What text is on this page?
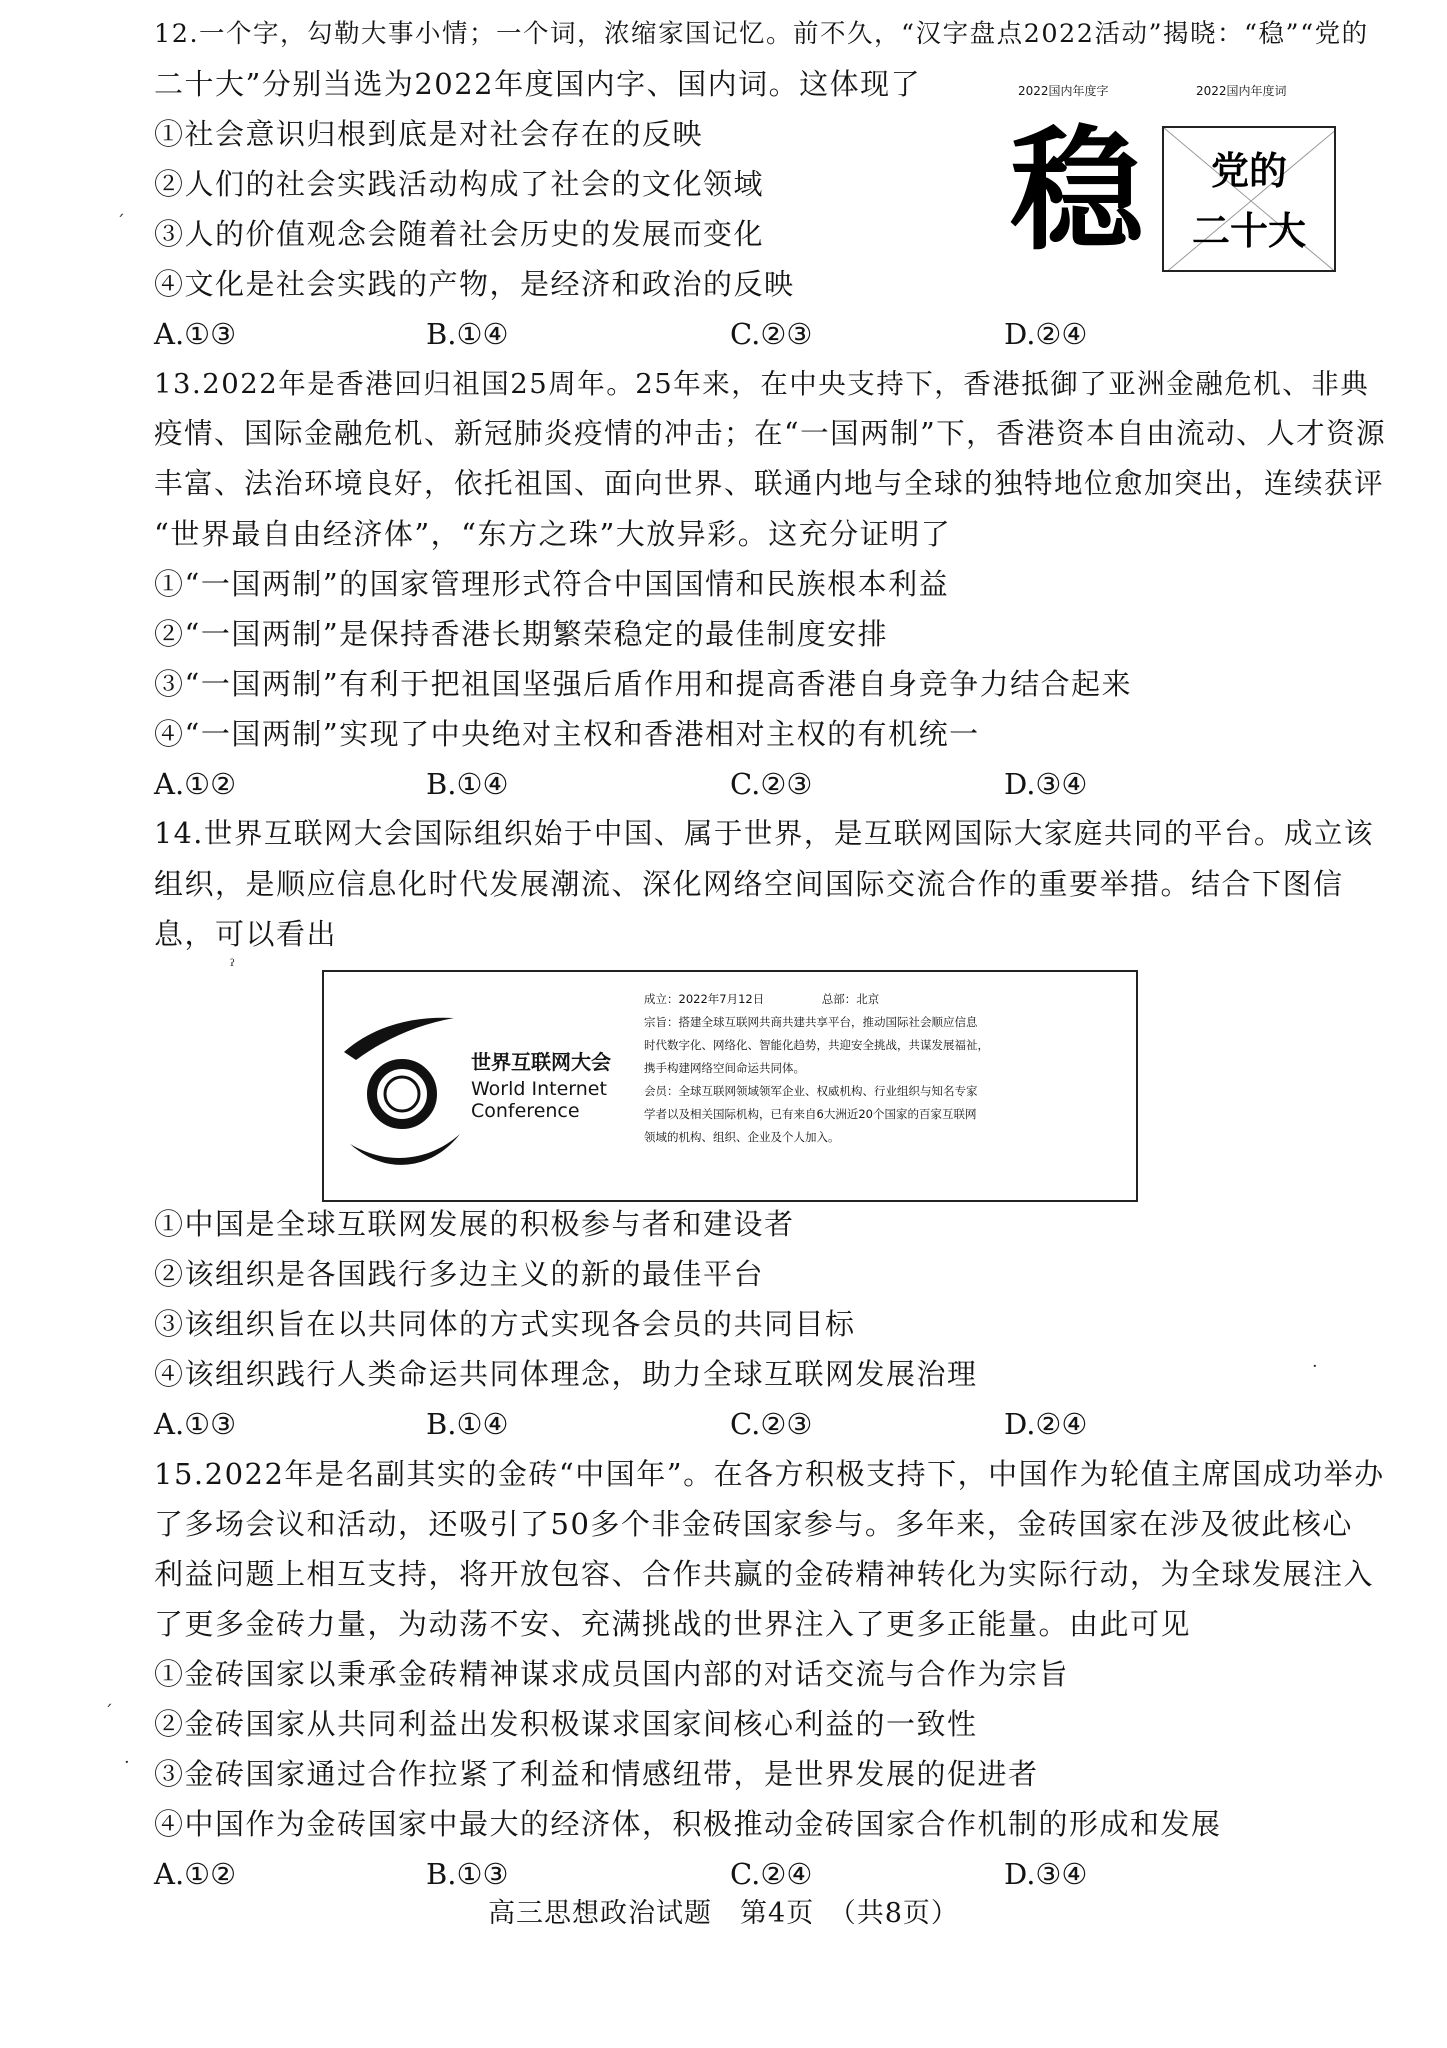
12.一个字，勾勒大事小情；一个词，浓缩家国记忆。前不久，“汉字盘点2022活动”揭晓：“稳”“党的
二十大”分别当选为2022年度国内字、国内词。这体现了
①社会意识归根到底是对社会存在的反映
②人们的社会实践活动构成了社会的文化领域
③人的价值观念会随着社会历史的发展而变化
④文化是社会实践的产物，是经济和政治的反映
A.①③	B.①④	C.②③	D.②④
2022国内年度字	2022国内年度词
稳	党的
二十大
ˊ
13.2022年是香港回归祖国25周年。25年来，在中央支持下，香港抵御了亚洲金融危机、非典
疫情、国际金融危机、新冠肺炎疫情的冲击；在“一国两制”下，香港资本自由流动、人才资源
丰富、法治环境良好，依托祖国、面向世界、联通内地与全球的独特地位愈加突出，连续获评
“世界最自由经济体”，“东方之珠”大放异彩。这充分证明了
①“一国两制”的国家管理形式符合中国国情和民族根本利益
②“一国两制”是保持香港长期繁荣稳定的最佳制度安排
③“一国两制”有利于把祖国坚强后盾作用和提高香港自身竞争力结合起来
④“一国两制”实现了中央绝对主权和香港相对主权的有机统一
A.①②	B.①④	C.②③	D.③④
14.世界互联网大会国际组织始于中国、属于世界，是互联网国际大家庭共同的平台。成立该
组织，是顺应信息化时代发展潮流、深化网络空间国际交流合作的重要举措。结合下图信
息，可以看出
世界互联网大会
World Internet
Conference
成立：2022年7月12日　　　　　总部：北京
宗旨：搭建全球互联网共商共建共享平台，推动国际社会顺应信息
时代数字化、网络化、智能化趋势，共迎安全挑战，共谋发展福祉，
携手构建网络空间命运共同体。
会员：全球互联网领域领军企业、权威机构、行业组织与知名专家
学者以及相关国际机构，已有来自6大洲近20个国家的百家互联网
领域的机构、组织、企业及个人加入。
①中国是全球互联网发展的积极参与者和建设者
②该组织是各国践行多边主义的新的最佳平台
③该组织旨在以共同体的方式实现各会员的共同目标
④该组织践行人类命运共同体理念，助力全球互联网发展治理
A.①③	B.①④	C.②③	D.②④
ˀ
·
15.2022年是名副其实的金砖“中国年”。在各方积极支持下，中国作为轮值主席国成功举办
了多场会议和活动，还吸引了50多个非金砖国家参与。多年来，金砖国家在涉及彼此核心
利益问题上相互支持，将开放包容、合作共赢的金砖精神转化为实际行动，为全球发展注入
了更多金砖力量，为动荡不安、充满挑战的世界注入了更多正能量。由此可见
①金砖国家以秉承金砖精神谋求成员国内部的对话交流与合作为宗旨
②金砖国家从共同利益出发积极谋求国家间核心利益的一致性
③金砖国家通过合作拉紧了利益和情感纽带，是世界发展的促进者
④中国作为金砖国家中最大的经济体，积极推动金砖国家合作机制的形成和发展
A.①②	B.①③	C.②④	D.③④
ˊ
·
高三思想政治试题　第4页　（共8页）
